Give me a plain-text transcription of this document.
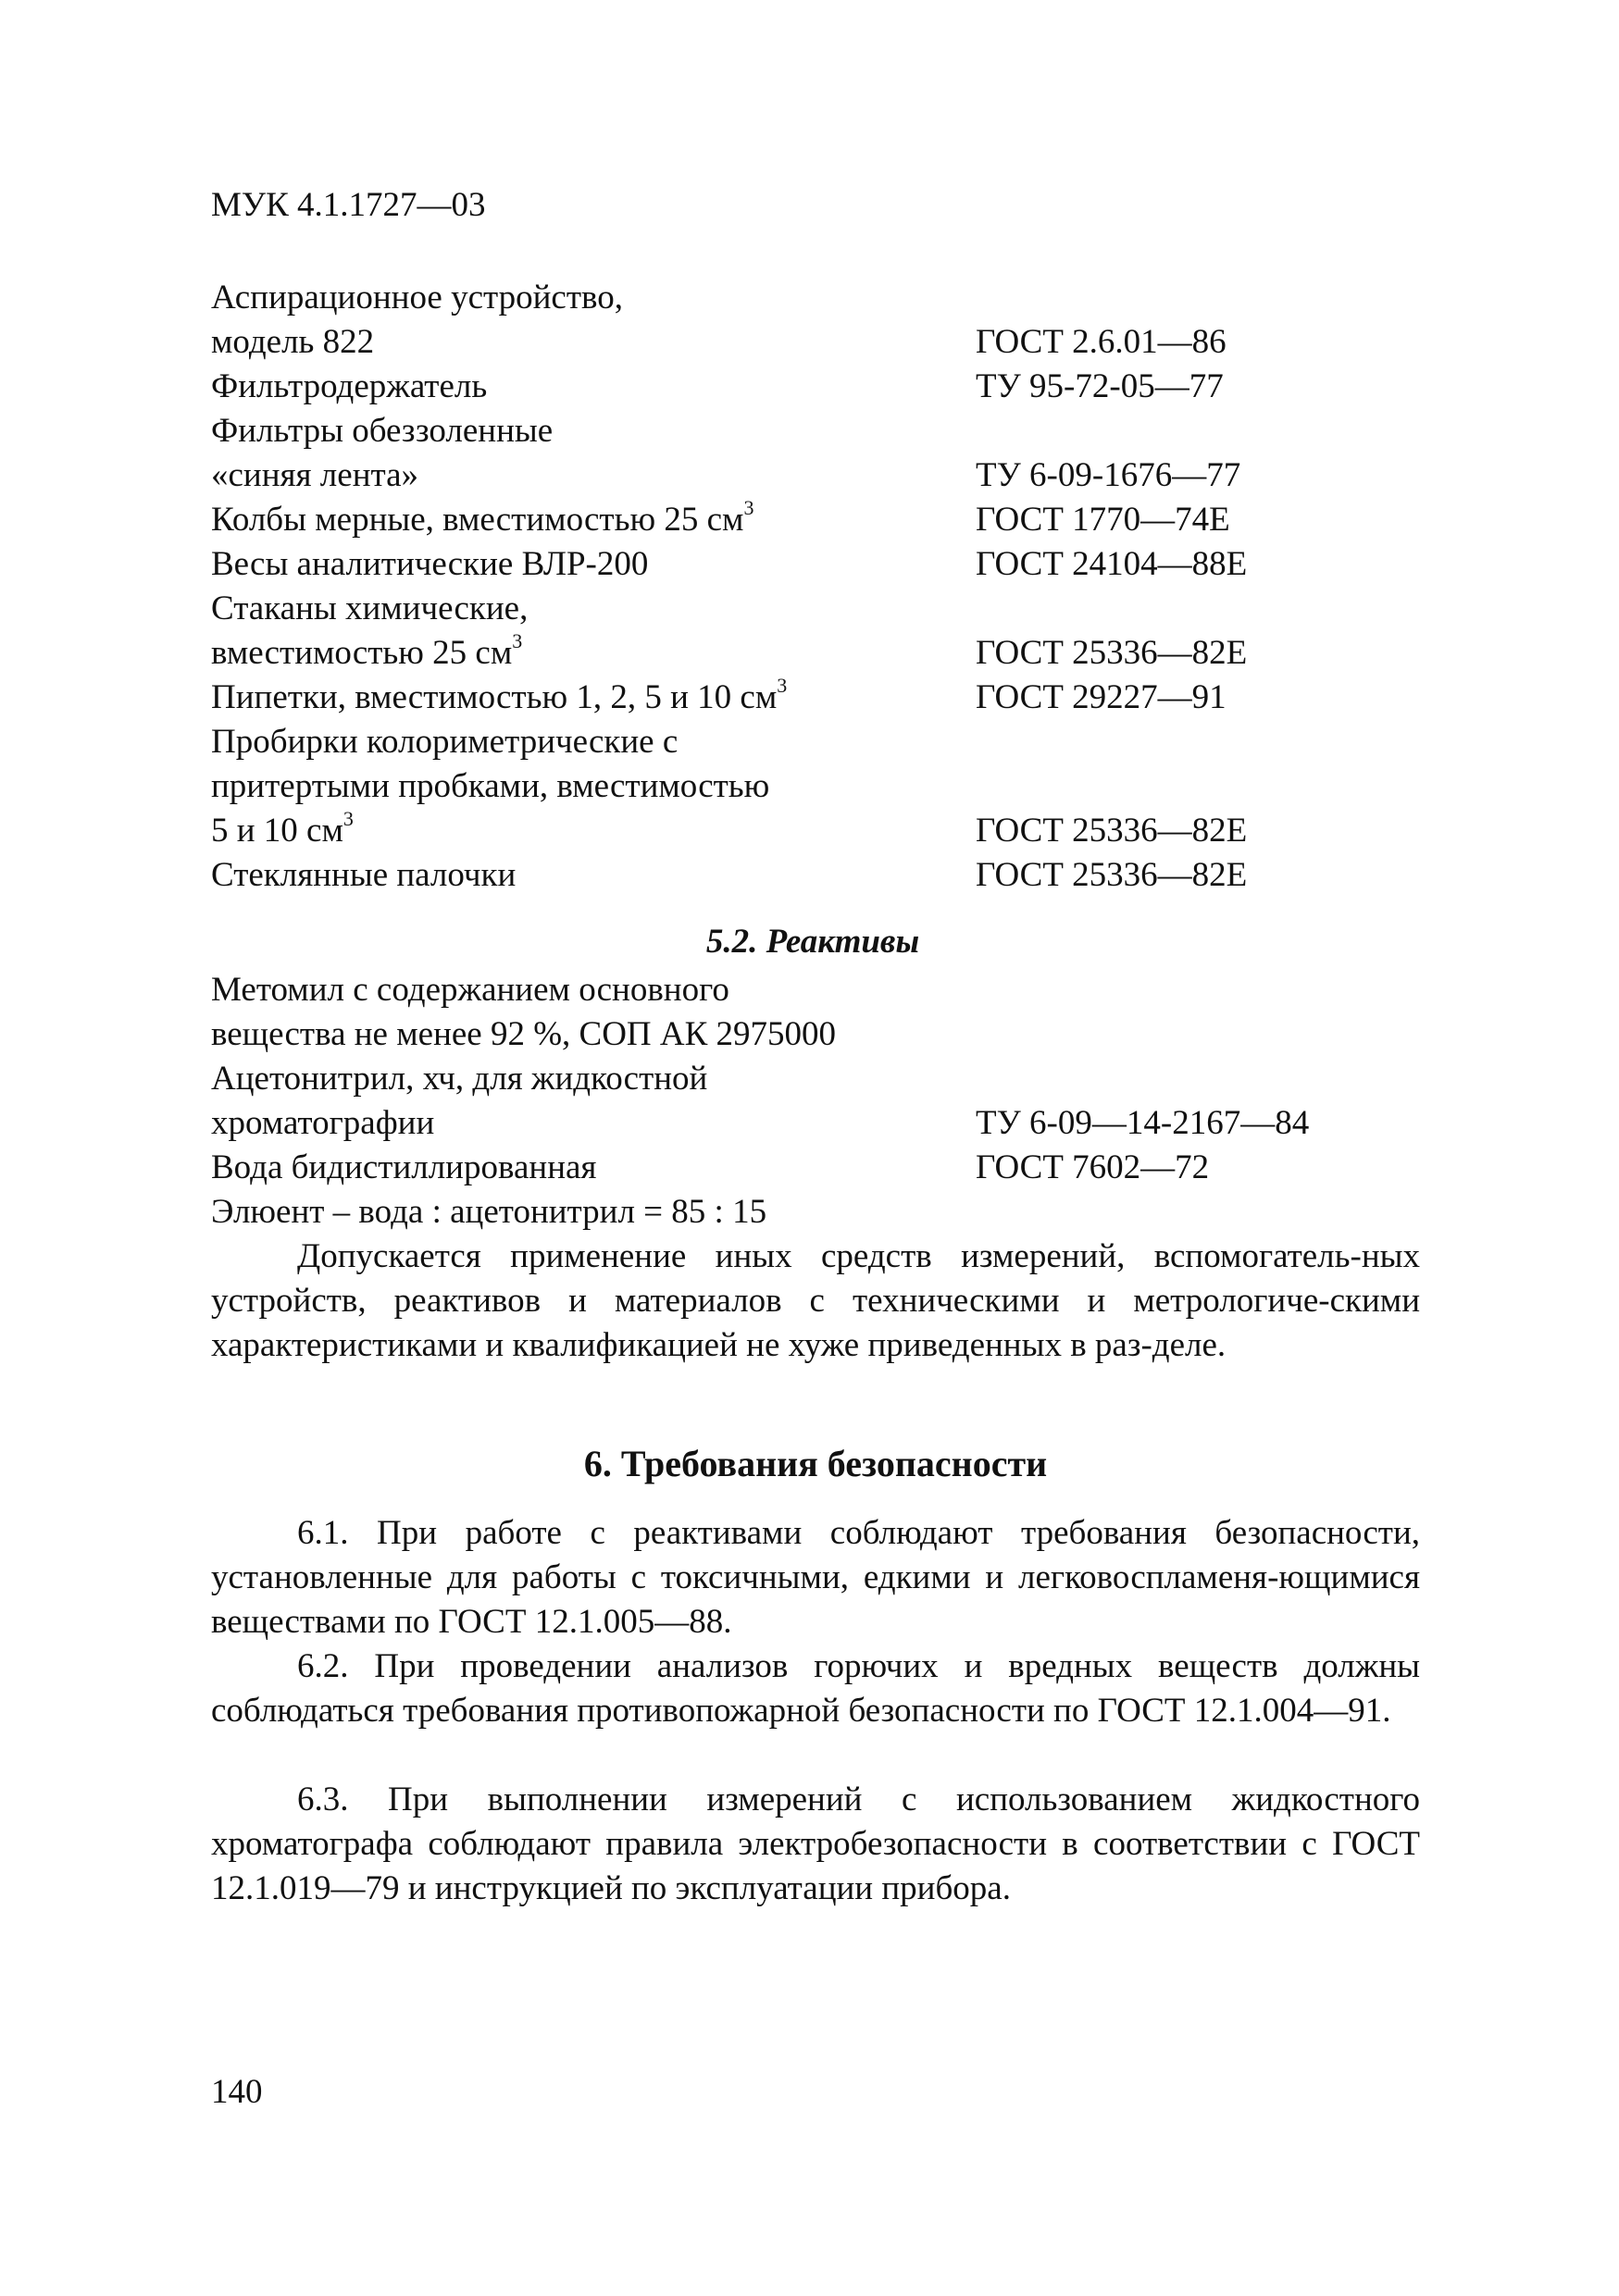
МУК 4.1.1727—03
Аспирационное устройство,
модель 822	ГОСТ 2.6.01—86
Фильтродержатель	ТУ 95-72-05—77
Фильтры обеззоленные
«синяя лента»	ТУ 6-09-1676—77
Колбы мерные, вместимостью 25 $см^3$	ГОСТ 1770—74Е
Весы аналитические ВЛР-200	ГОСТ 24104—88Е
Стаканы химические,
вместимостью 25 $см^3$	ГОСТ 25336—82Е
Пипетки, вместимостью 1, 2, 5 и 10 $см^3$	ГОСТ 29227—91
Пробирки колориметрические с
притертыми пробками, вместимостью
5 и 10 $см^3$	ГОСТ 25336—82Е
Стеклянные палочки	ГОСТ 25336—82Е
5.2. Реактивы
Метомил с содержанием основного
вещества не менее 92 %, СОП АК 2975000
Ацетонитрил, хч, для жидкостной
хроматографии	ТУ 6-09—14-2167—84
Вода бидистиллированная	ГОСТ 7602—72
Элюент – вода : ацетонитрил = 85 : 15

Допускается применение иных средств измерений, вспомогатель-ных устройств, реактивов и материалов с техническими и метрологиче-скими характеристиками и квалификацией не хуже приведенных в раз-деле.

6. Требования безопасности

6.1. При работе с реактивами соблюдают требования безопасности, установленные для работы с токсичными, едкими и легковоспламеня-ющимися веществами по ГОСТ 12.1.005—88.

6.2. При проведении анализов горючих и вредных веществ должны соблюдаться требования противопожарной безопасности по ГОСТ 12.1.004—91.

6.3. При выполнении измерений с использованием жидкостного хроматографа соблюдают правила электробезопасности в соответствии с ГОСТ 12.1.019—79 и инструкцией по эксплуатации прибора.

140
